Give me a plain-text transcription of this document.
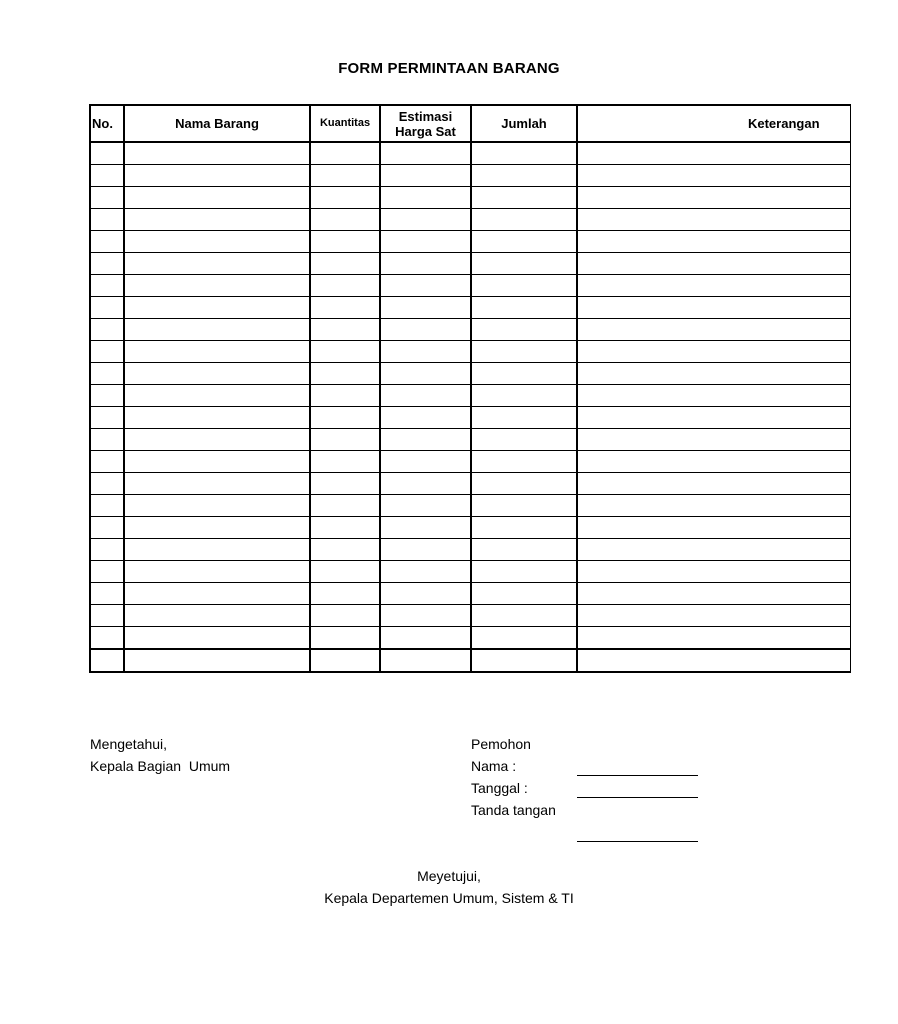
FORM PERMINTAAN BARANG
No.	Nama Barang	Kuantitas	Estimasi
Harga Sat	Jumlah	Keterangan

Mengetahui,
Kepala Bagian  Umum
Pemohon
Nama :
Tanggal :
Tanda tangan
Meyetujui,
Kepala Departemen Umum, Sistem & TI
